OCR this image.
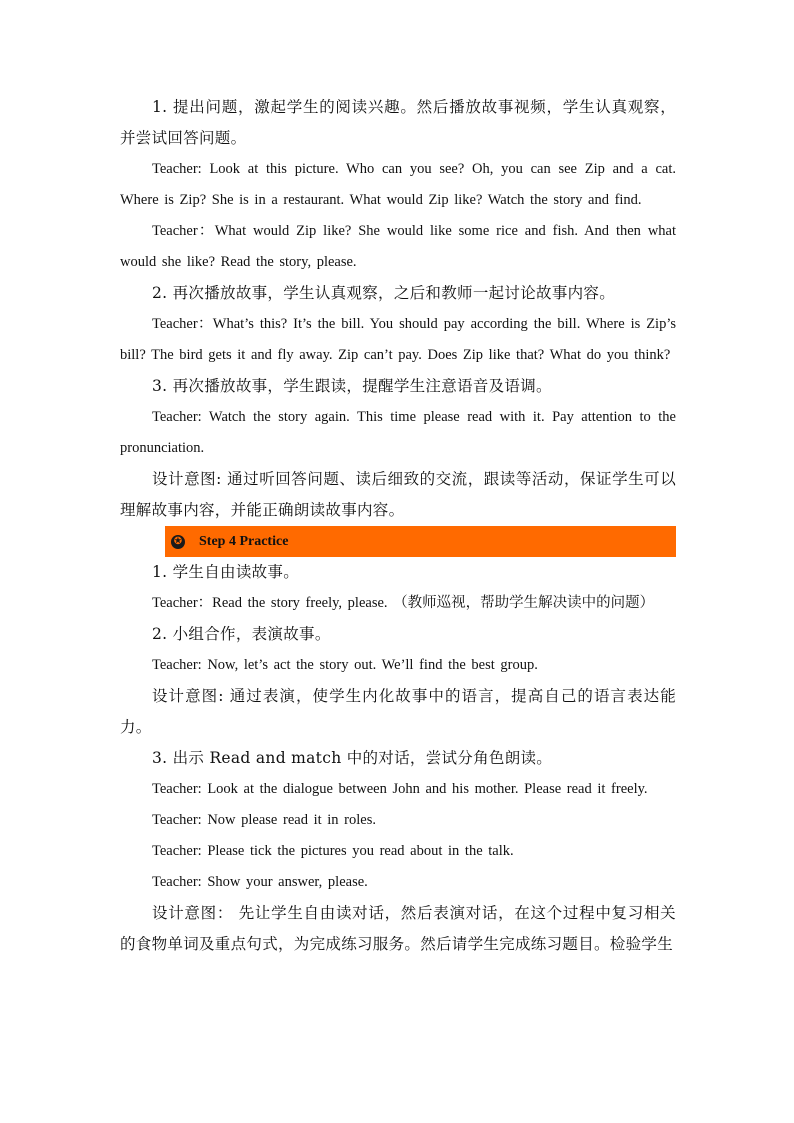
1. 提出问题，激起学生的阅读兴趣。然后播放故事视频，学生认真观察，并尝试回答问题。

Teacher: Look at this picture. Who can you see? Oh, you can see Zip and a cat. Where is Zip? She is in a restaurant. What would Zip like? Watch the story and find.

Teacher：What would Zip like? She would like some rice and fish. And then what would she like? Read the story, please.

2. 再次播放故事，学生认真观察，之后和教师一起讨论故事内容。

Teacher：What’s this? It’s the bill. You should pay according the bill. Where is Zip’s bill? The bird gets it and fly away. Zip can’t pay. Does Zip like that? What do you think?

3. 再次播放故事，学生跟读，提醒学生注意语音及语调。

Teacher: Watch the story again. This time please read with it. Pay attention to the pronunciation.

设计意图: 通过听回答问题、读后细致的交流，跟读等活动，保证学生可以理解故事内容，并能正确朗读故事内容。

✪ Step 4 Practice

1. 学生自由读故事。

Teacher：Read the story freely, please. （教师巡视，帮助学生解决读中的问题）

2. 小组合作，表演故事。

Teacher: Now, let’s act the story out. We’ll find the best group.

设计意图: 通过表演，使学生内化故事中的语言，提高自己的语言表达能力。

3. 出示 Read and match 中的对话，尝试分角色朗读。

Teacher: Look at the dialogue between John and his mother. Please read it freely.

Teacher: Now please read it in roles.

Teacher: Please tick the pictures you read about in the talk.

Teacher: Show your answer, please.

设计意图： 先让学生自由读对话，然后表演对话，在这个过程中复习相关的食物单词及重点句式，为完成练习服务。然后请学生完成练习题目。检验学生
